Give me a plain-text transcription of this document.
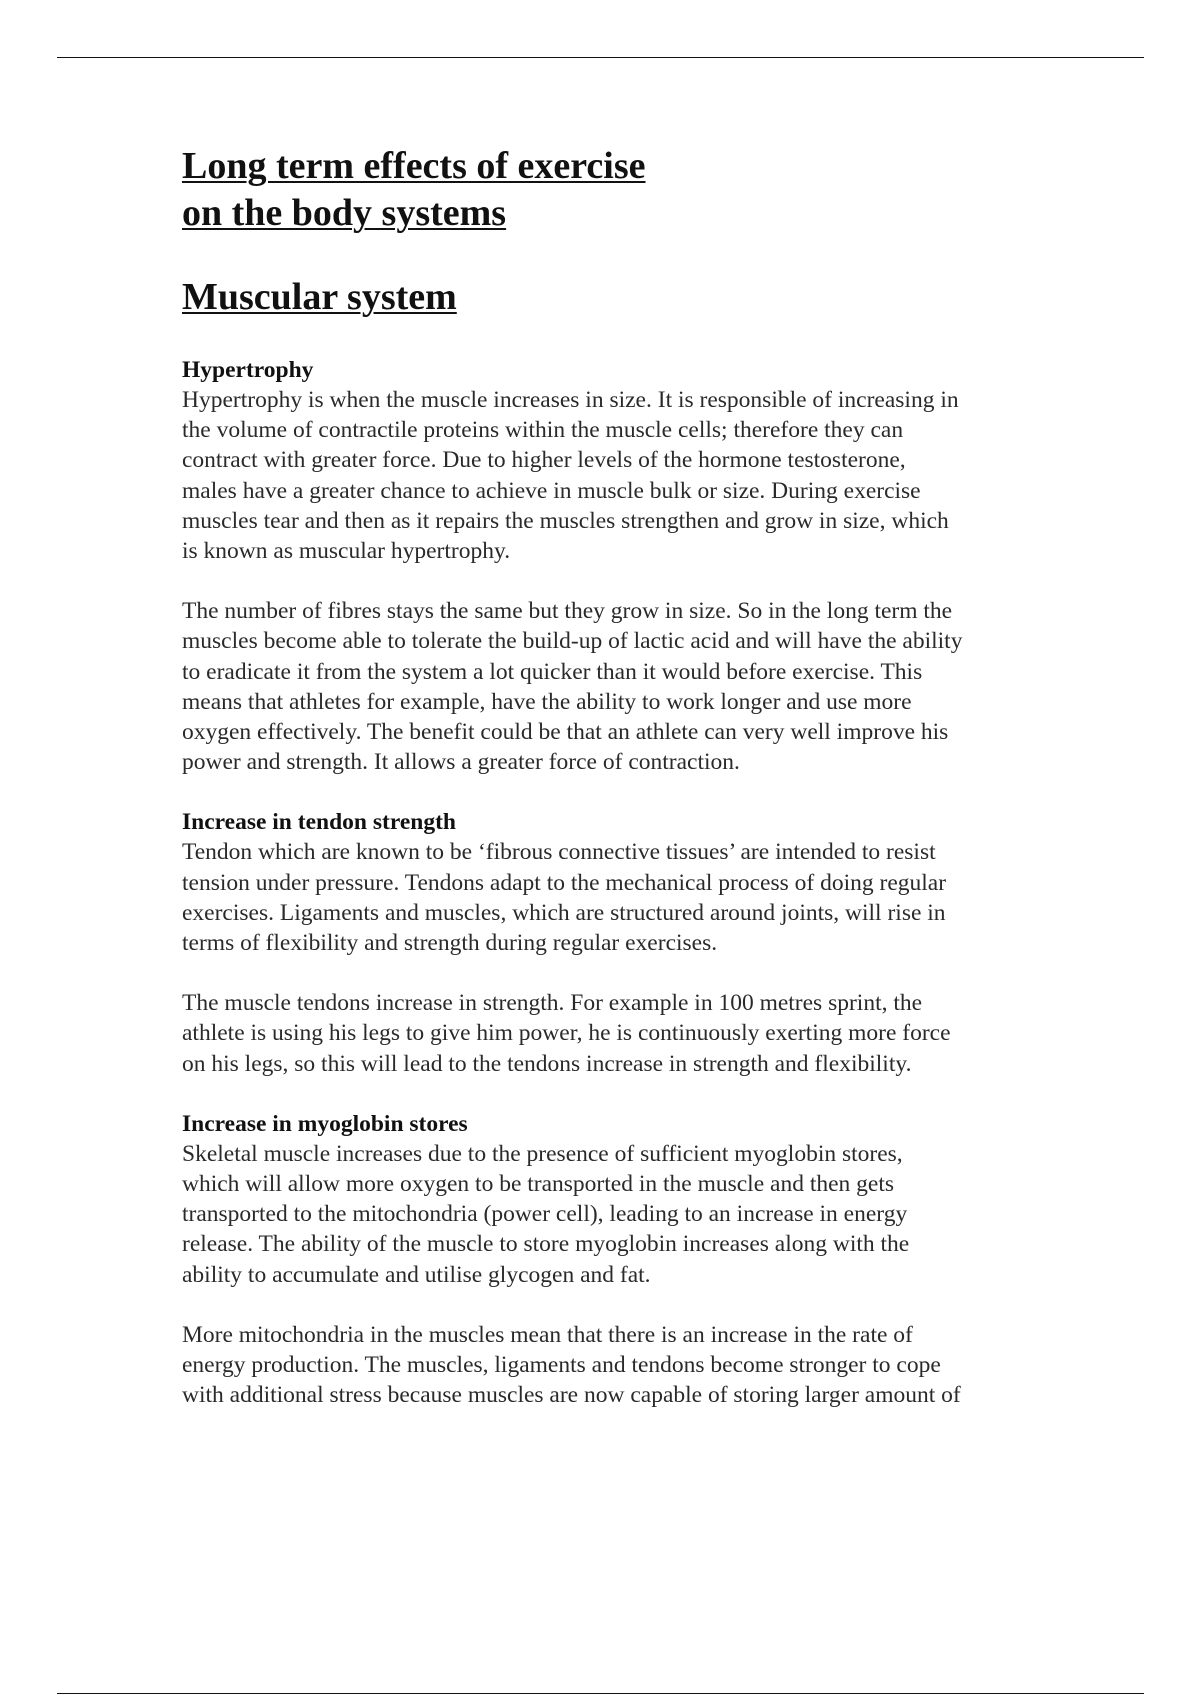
Long term effects of exercise
on the body systems
Muscular system
Hypertrophy

Hypertrophy is when the muscle increases in size. It is responsible of increasing in
the volume of contractile proteins within the muscle cells; therefore they can
contract with greater force. Due to higher levels of the hormone testosterone,
males have a greater chance to achieve in muscle bulk or size. During exercise
muscles tear and then as it repairs the muscles strengthen and grow in size, which
is known as muscular hypertrophy.

The number of fibres stays the same but they grow in size. So in the long term the
muscles become able to tolerate the build-up of lactic acid and will have the ability
to eradicate it from the system a lot quicker than it would before exercise. This
means that athletes for example, have the ability to work longer and use more
oxygen effectively. The benefit could be that an athlete can very well improve his
power and strength. It allows a greater force of contraction.

Increase in tendon strength

Tendon which are known to be ‘fibrous connective tissues’ are intended to resist
tension under pressure. Tendons adapt to the mechanical process of doing regular
exercises. Ligaments and muscles, which are structured around joints, will rise in
terms of flexibility and strength during regular exercises.

The muscle tendons increase in strength. For example in 100 metres sprint, the
athlete is using his legs to give him power, he is continuously exerting more force
on his legs, so this will lead to the tendons increase in strength and flexibility.

Increase in myoglobin stores

Skeletal muscle increases due to the presence of sufficient myoglobin stores,
which will allow more oxygen to be transported in the muscle and then gets
transported to the mitochondria (power cell), leading to an increase in energy
release. The ability of the muscle to store myoglobin increases along with the
ability to accumulate and utilise glycogen and fat.

More mitochondria in the muscles mean that there is an increase in the rate of
energy production. The muscles, ligaments and tendons become stronger to cope
with additional stress because muscles are now capable of storing larger amount of
